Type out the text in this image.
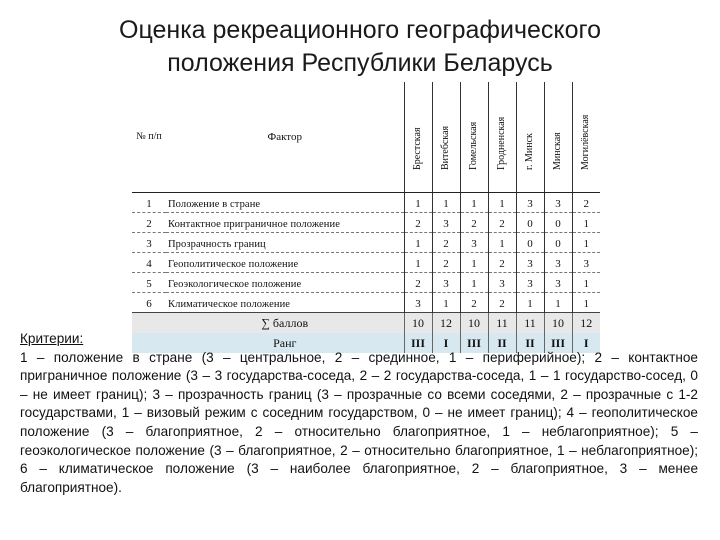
Оценка рекреационного географического
положения Республики Беларусь
№ п/п	Фактор	Брестская	Витебская	Гомельская	Гродненская	г. Минск	Минская	Могилёвская

1	Положение в стране	1	1	1	1	3	3	2
2	Контактное приграничное положение	2	3	2	2	0	0	1
3	Прозрачность границ	1	2	3	1	0	0	1
4	Геополитическое положение	1	2	1	2	3	3	3
5	Геоэкологическое положение	2	3	1	3	3	3	1
6	Климатическое положение	3	1	2	2	1	1	1
	∑ баллов	10	12	10	11	11	10	12
	Ранг	III	I	III	II	II	III	I
Критерии:
1 – положение в стране (3 – центральное, 2 – срединное, 1 – периферийное); 2 – контактное приграничное положение (3 – 3 государства-соседа, 2 – 2 государства-соседа, 1 – 1 государство-сосед, 0 – не имеет границ); 3 – прозрачность границ (3 – прозрачные со всеми соседями, 2 – прозрачные с 1-2 государствами, 1 – визовый режим с соседним государством, 0 – не имеет границ); 4 – геополитическое положение (3 – благоприятное, 2 – относительно благоприятное, 1 – неблагоприятное); 5 – геоэкологическое положение (3 – благоприятное, 2 – относительно благоприятное, 1 – неблагоприятное); 6 – климатическое положение (3 – наиболее благоприятное, 2 – благоприятное, 3 – менее благоприятное).
